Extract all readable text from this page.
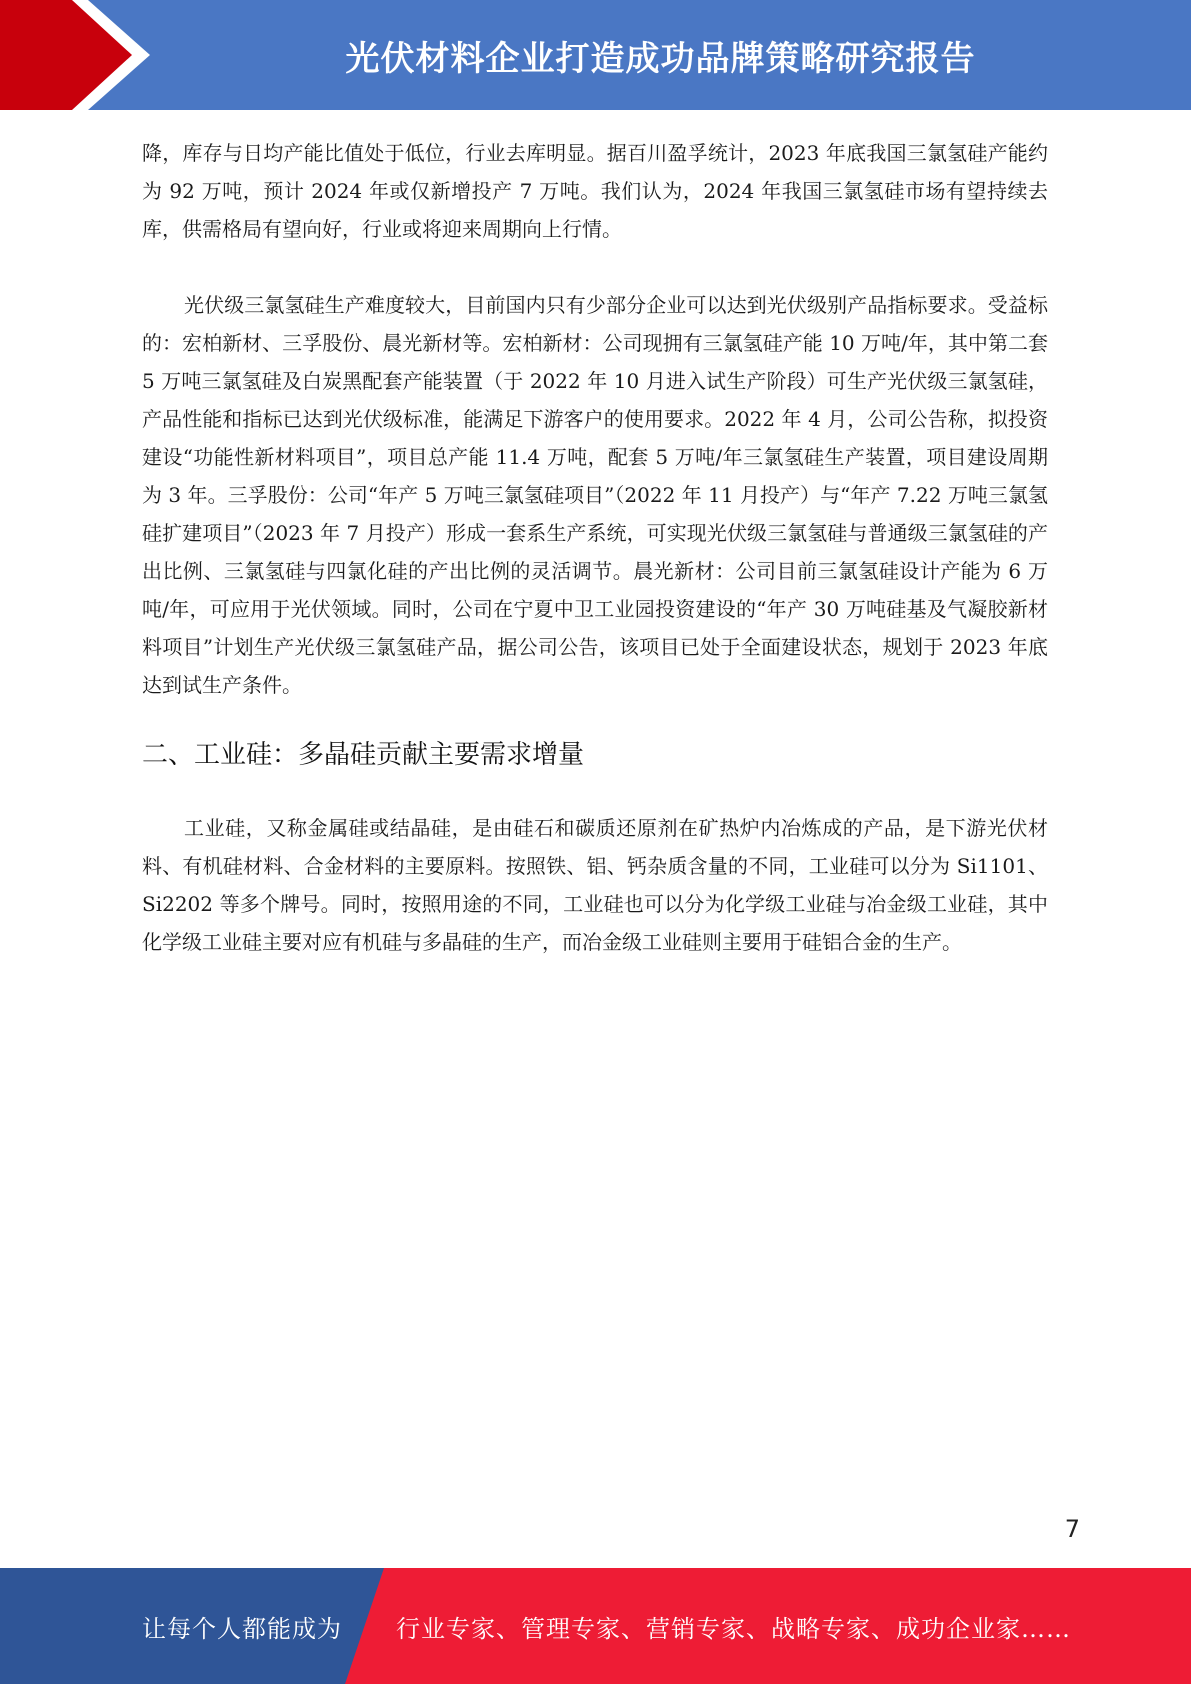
光伏材料企业打造成功品牌策略研究报告

降，库存与日均产能比值处于低位，行业去库明显。据百川盈孚统计，2023 年底我国三氯氢硅产能约为 92 万吨，预计 2024 年或仅新增投产 7 万吨。我们认为，2024 年我国三氯氢硅市场有望持续去库，供需格局有望向好，行业或将迎来周期向上行情。

光伏级三氯氢硅生产难度较大，目前国内只有少部分企业可以达到光伏级别产品指标要求。受益标的：宏柏新材、三孚股份、晨光新材等。宏柏新材：公司现拥有三氯氢硅产能 10 万吨/年，其中第二套 5 万吨三氯氢硅及白炭黑配套产能装置（于 2022 年 10 月进入试生产阶段）可生产光伏级三氯氢硅，产品性能和指标已达到光伏级标准，能满足下游客户的使用要求。2022 年 4 月，公司公告称，拟投资建设“功能性新材料项目”，项目总产能 11.4 万吨，配套 5 万吨/年三氯氢硅生产装置，项目建设周期为 3 年。三孚股份：公司“年产 5 万吨三氯氢硅项目”（2022 年 11 月投产）与“年产 7.22 万吨三氯氢硅扩建项目”（2023 年 7 月投产）形成一套系生产系统，可实现光伏级三氯氢硅与普通级三氯氢硅的产出比例、三氯氢硅与四氯化硅的产出比例的灵活调节。晨光新材：公司目前三氯氢硅设计产能为 6 万吨/年，可应用于光伏领域。同时，公司在宁夏中卫工业园投资建设的“年产 30 万吨硅基及气凝胶新材料项目”计划生产光伏级三氯氢硅产品，据公司公告，该项目已处于全面建设状态，规划于 2023 年底达到试生产条件。

二、工业硅：多晶硅贡献主要需求增量

工业硅，又称金属硅或结晶硅，是由硅石和碳质还原剂在矿热炉内冶炼成的产品，是下游光伏材料、有机硅材料、合金材料的主要原料。按照铁、铝、钙杂质含量的不同，工业硅可以分为 Si1101、Si2202 等多个牌号。同时，按照用途的不同，工业硅也可以分为化学级工业硅与冶金级工业硅，其中化学级工业硅主要对应有机硅与多晶硅的生产，而冶金级工业硅则主要用于硅铝合金的生产。

7
让每个人都能成为 行业专家、管理专家、营销专家、战略专家、成功企业家……
